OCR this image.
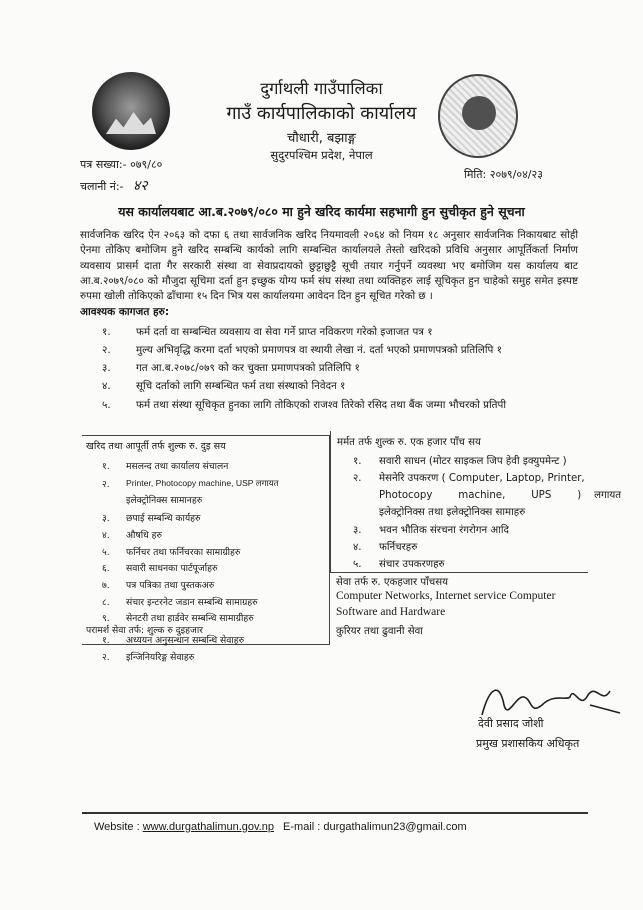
दुर्गाथली गाउँपालिका
गाउँ कार्यपालिकाको कार्यालय
चौधारी, बझाङ्ग
सुदुरपश्चिम प्रदेश, नेपाल
पत्र सख्या:- ०७९/८०
चलानी नं:- ४२
मिति: २०७९/०४/२३
यस कार्यालयबाट आ.ब.२०७९/०८० मा हुने खरिद कार्यमा सहभागी हुन सुचीकृत हुने सूचना
सार्वजनिक खरिद ऐन २०६३ को दफा ६ तथा सार्वजनिक खरिद नियमावली २०६४ को नियम १८ अनुसार सार्वजनिक निकायबाट सोही ऐनमा तोकिए बमोजिम हुने खरिद सम्बन्धि कार्यको लागि सम्बन्धित कार्यालयले तेस्तो खरिदको प्रविधि अनुसार आपूर्तिकर्ता निर्माण व्यवसाय प्रासर्म दाता गैर सरकारी संस्था वा सेवाप्रदायको छुट्टाछुट्टै सूची तयार गर्नुपर्ने व्यवस्था भए बमोजिम यस कार्यालय बाट आ.ब.२०७९/०८० को मौजुदा सूचिमा दर्ता हुन इच्छुक योग्य फर्म संघ संस्था तथा व्यक्तिहरु लाई सूचिकृत हुन चाहेको समुह समेत इस्पष्ट रुपमा खोली तोकिएको ढाँचामा १५ दिन भित्र यस कार्यालयमा आवेदन दिन हुन सूचित गरेको छ ।
आवश्यक कागजत हरु:
१. फर्म दर्ता वा सम्बन्धित व्यवसाय वा सेवा गर्ने प्राप्त नविकरण गरेको इजाजत पत्र १
२. मुल्य अभिवृद्धि करमा दर्ता भएको प्रमाणपत्र वा स्थायी लेखा नं. दर्ता भएको प्रमाणपत्रको प्रतिलिपि १
३. गत आ.ब.२०७८/०७९ को कर चुक्ता प्रमाणपत्रको प्रतिलिपि १
४. सूचि दर्ताको लागि सम्बन्धित फर्म तथा संस्थाको निवेदन १
५. फर्म तथा संस्था सूचिकृत हुनका लागि तोकिएको राजश्व तिरेको रसिद तथा बैंक जम्मा भौचरको प्रतिपी
खरिद तथा आपूर्ती तर्फ शुल्क रु. दुइ सय
१. मसलन्द तथा कार्यालय संचालन
२. Printer, Photocopy machine, USP लगायत
इलेक्ट्रोनिक्स सामानहरु
३. छपाई सम्बन्धि कार्यहरु
४. औषधि हरु
५. फर्निचर तथा फर्निचरका सामाग्रीहरु
६. सवारी साधनका पार्टपूर्जाहरु
७. पत्र पत्रिका तथा पुस्तकअरु
८. संचार इन्टरनेट जडान सम्बन्धि सामाग्रहरु
९. सेनटरी तथा हार्डवेर सम्बन्धि सामाग्रीहरु
परामर्श सेवा तर्फ: शुल्क रु दुइहजार
१. अध्ययन अनुसन्धान सम्बन्धि सेवाहरु
२. इन्जिनियरिङ्ग सेवाहरु
मर्मत तर्फ शुल्क रु. एक हजार पाँच सय
१. सवारी साधन (मोटर साइकल जिप हेवी इक्युपमेन्ट )
२. मेसनेरि उपकरण ( Computer, Laptop, Printer,
Photocopy        machine,        UPS        )    लगायत
इलेक्ट्रोनिक्स तथा इलेक्ट्रोनिक्स सामाहरु
३. भवन भौतिक संरचना रंगरोगन आदि
४. फर्निचरहरु
५. संचार उपकरणहरु
सेवा तर्फ रु. एकहजार पाँचसय
Computer Networks, Internet service Computer
Software and Hardware
कुरियर तथा ढुवानी सेवा
देवी प्रसाद जोशी
प्रमुख प्रशासकिय अधिकृत
Website : www.durgathalimun.gov.np E-mail : durgathalimun23@gmail.com
